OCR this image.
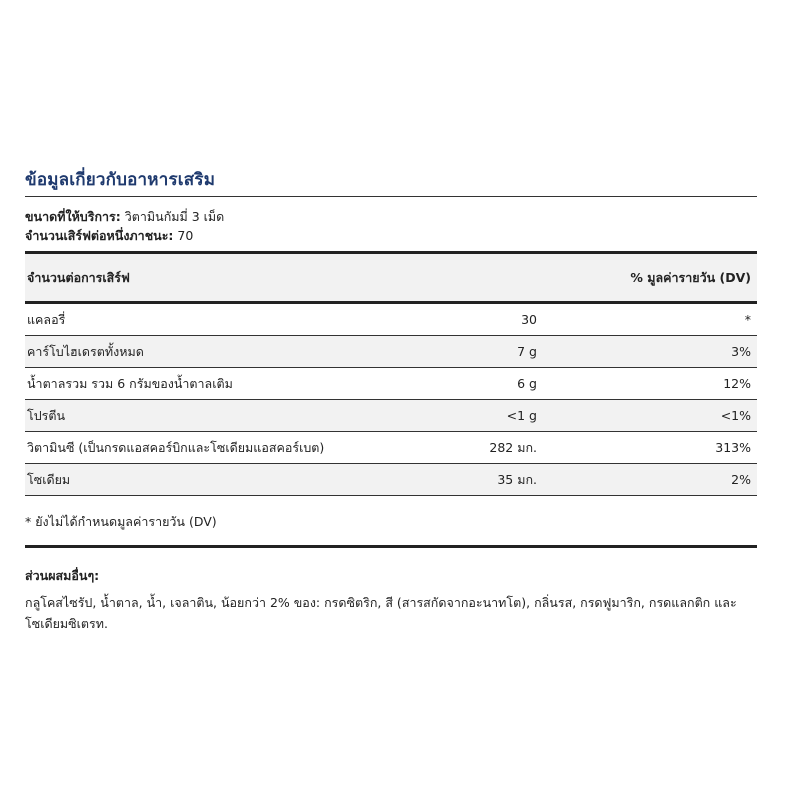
ข้อมูลเกี่ยวกับอาหารเสริม
ขนาดที่ให้บริการ: วิตามินกัมมี่ 3 เม็ด
จำนวนเสิร์ฟต่อหนึ่งภาชนะ: 70
จำนวนต่อการเสิร์ฟ	% มูลค่ารายวัน (DV)
แคลอรี่	30	*
คาร์โบไฮเดรตทั้งหมด	7 g	3%
น้ำตาลรวม รวม 6 กรัมของน้ำตาลเติม	6 g	12%
โปรตีน	<1 g	<1%
วิตามินซี (เป็นกรดแอสคอร์บิกและโซเดียมแอสคอร์เบต)	282 มก.	313%
โซเดียม	35 มก.	2%
* ยังไม่ได้กำหนดมูลค่ารายวัน (DV)
ส่วนผสมอื่นๆ:
กลูโคสไซรัป, น้ำตาล, น้ำ, เจลาติน, น้อยกว่า 2% ของ: กรดซิตริก, สี (สารสกัดจากอะนาทโต), กลิ่นรส, กรดฟูมาริก, กรดแลกติก และโซเดียมซิเตรท.
